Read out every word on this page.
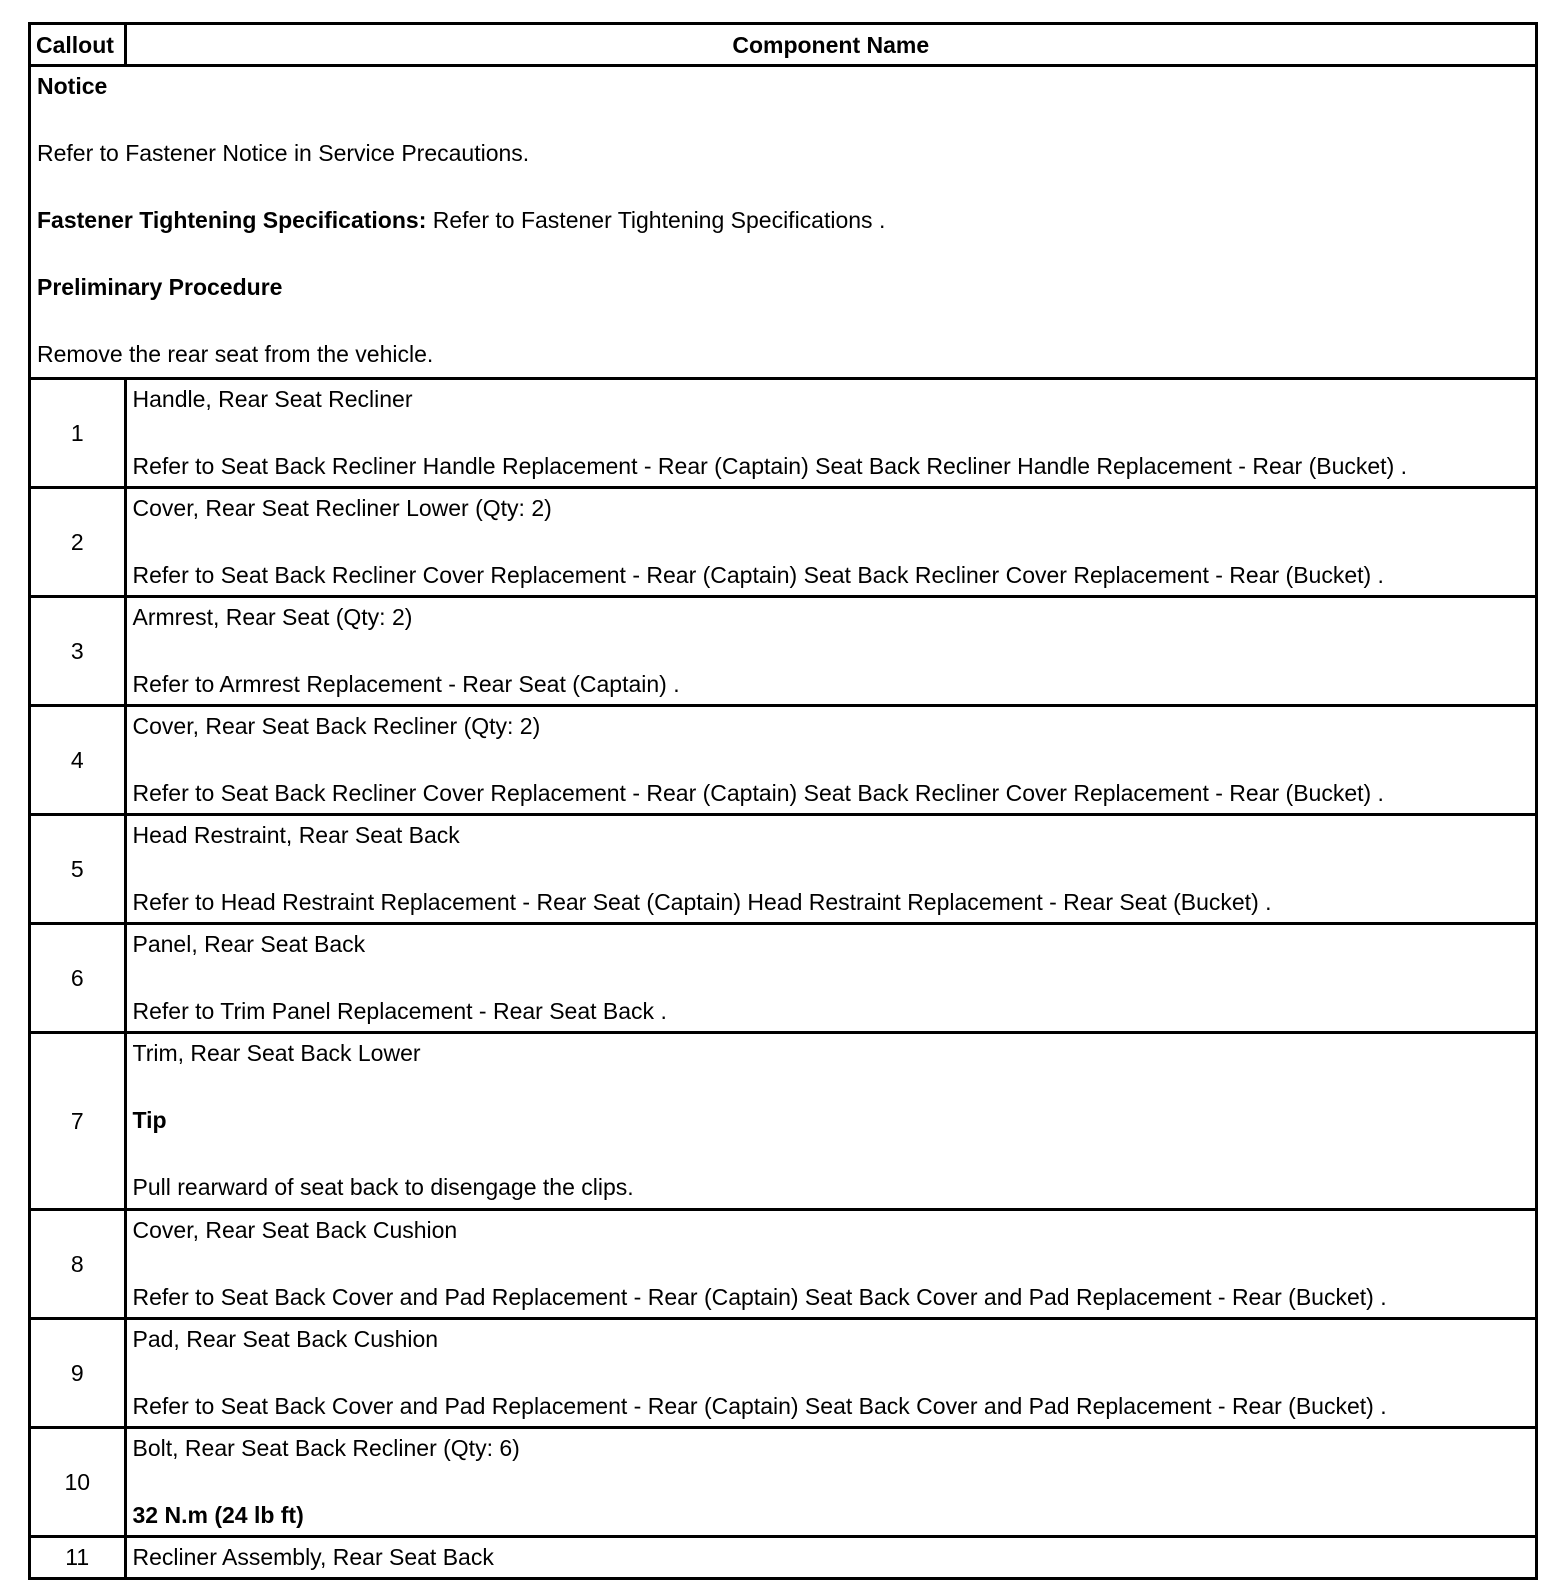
Callout	Component Name

Notice

Refer to Fastener Notice in Service Precautions.

Fastener Tightening Specifications: Refer to Fastener Tightening Specifications .

Preliminary Procedure

Remove the rear seat from the vehicle.	

1	Handle, Rear Seat Recliner

Refer to Seat Back Recliner Handle Replacement - Rear (Captain) Seat Back Recliner Handle Replacement - Rear (Bucket) .

2	Cover, Rear Seat Recliner Lower (Qty: 2)

Refer to Seat Back Recliner Cover Replacement - Rear (Captain) Seat Back Recliner Cover Replacement - Rear (Bucket) .

3	Armrest, Rear Seat (Qty: 2)

Refer to Armrest Replacement - Rear Seat (Captain) .

4	Cover, Rear Seat Back Recliner (Qty: 2)

Refer to Seat Back Recliner Cover Replacement - Rear (Captain) Seat Back Recliner Cover Replacement - Rear (Bucket) .

5	Head Restraint, Rear Seat Back

Refer to Head Restraint Replacement - Rear Seat (Captain) Head Restraint Replacement - Rear Seat (Bucket) .

6	Panel, Rear Seat Back

Refer to Trim Panel Replacement - Rear Seat Back .

7	Trim, Rear Seat Back Lower

Tip

Pull rearward of seat back to disengage the clips.

8	Cover, Rear Seat Back Cushion

Refer to Seat Back Cover and Pad Replacement - Rear (Captain) Seat Back Cover and Pad Replacement - Rear (Bucket) .

9	Pad, Rear Seat Back Cushion

Refer to Seat Back Cover and Pad Replacement - Rear (Captain) Seat Back Cover and Pad Replacement - Rear (Bucket) .

10	Bolt, Rear Seat Back Recliner (Qty: 6)

32 N.m (24 lb ft)

11	Recliner Assembly, Rear Seat Back
